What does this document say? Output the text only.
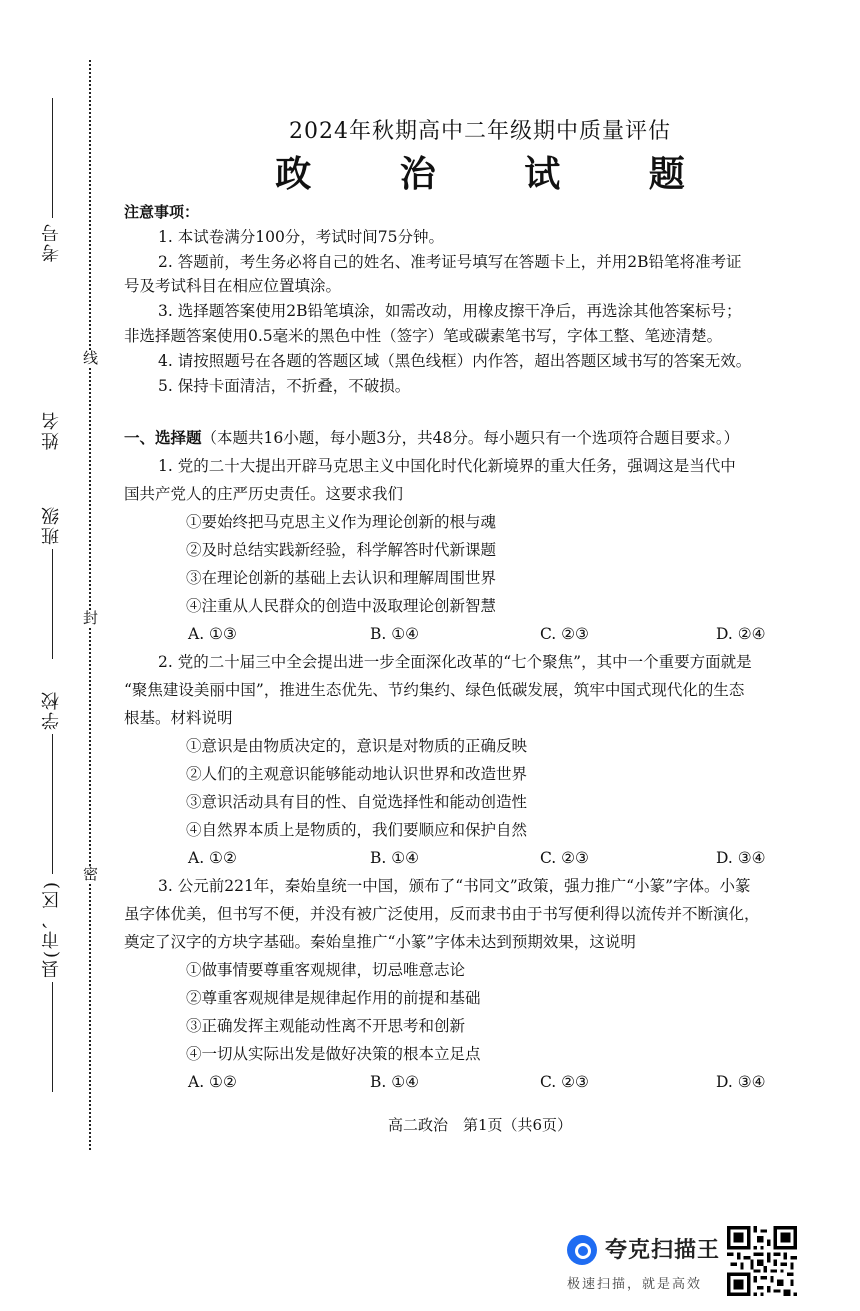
线
封
密
考号
姓名
班级
学校
县(市、区)
2024年秋期高中二年级期中质量评估
政 治 试 题
注意事项：
1. 本试卷满分100分，考试时间75分钟。
2. 答题前，考生务必将自己的姓名、准考证号填写在答题卡上，并用2B铅笔将准考证
号及考试科目在相应位置填涂。
3. 选择题答案使用2B铅笔填涂，如需改动，用橡皮擦干净后，再选涂其他答案标号；
非选择题答案使用0.5毫米的黑色中性（签字）笔或碳素笔书写，字体工整、笔迹清楚。
4. 请按照题号在各题的答题区域（黑色线框）内作答，超出答题区域书写的答案无效。
5. 保持卡面清洁，不折叠，不破损。
一、选择题（本题共16小题，每小题3分，共48分。每小题只有一个选项符合题目要求。）
1. 党的二十大提出开辟马克思主义中国化时代化新境界的重大任务，强调这是当代中
国共产党人的庄严历史责任。这要求我们
①要始终把马克思主义作为理论创新的根与魂
②及时总结实践新经验，科学解答时代新课题
③在理论创新的基础上去认识和理解周围世界
④注重从人民群众的创造中汲取理论创新智慧
A. ①③	B. ①④	C. ②③	D. ②④
2. 党的二十届三中全会提出进一步全面深化改革的“七个聚焦”，其中一个重要方面就是
“聚焦建设美丽中国”，推进生态优先、节约集约、绿色低碳发展，筑牢中国式现代化的生态
根基。材料说明
①意识是由物质决定的，意识是对物质的正确反映
②人们的主观意识能够能动地认识世界和改造世界
③意识活动具有目的性、自觉选择性和能动创造性
④自然界本质上是物质的，我们要顺应和保护自然
A. ①②	B. ①④	C. ②③	D. ③④
3. 公元前221年，秦始皇统一中国，颁布了“书同文”政策，强力推广“小篆”字体。小篆
虽字体优美，但书写不便，并没有被广泛使用，反而隶书由于书写便利得以流传并不断演化，
奠定了汉字的方块字基础。秦始皇推广“小篆”字体未达到预期效果，这说明
①做事情要尊重客观规律，切忌唯意志论
②尊重客观规律是规律起作用的前提和基础
③正确发挥主观能动性离不开思考和创新
④一切从实际出发是做好决策的根本立足点
A. ①②	B. ①④	C. ②③	D. ③④
高二政治　第1页（共6页）
夸克扫描王
极速扫描，就是高效
